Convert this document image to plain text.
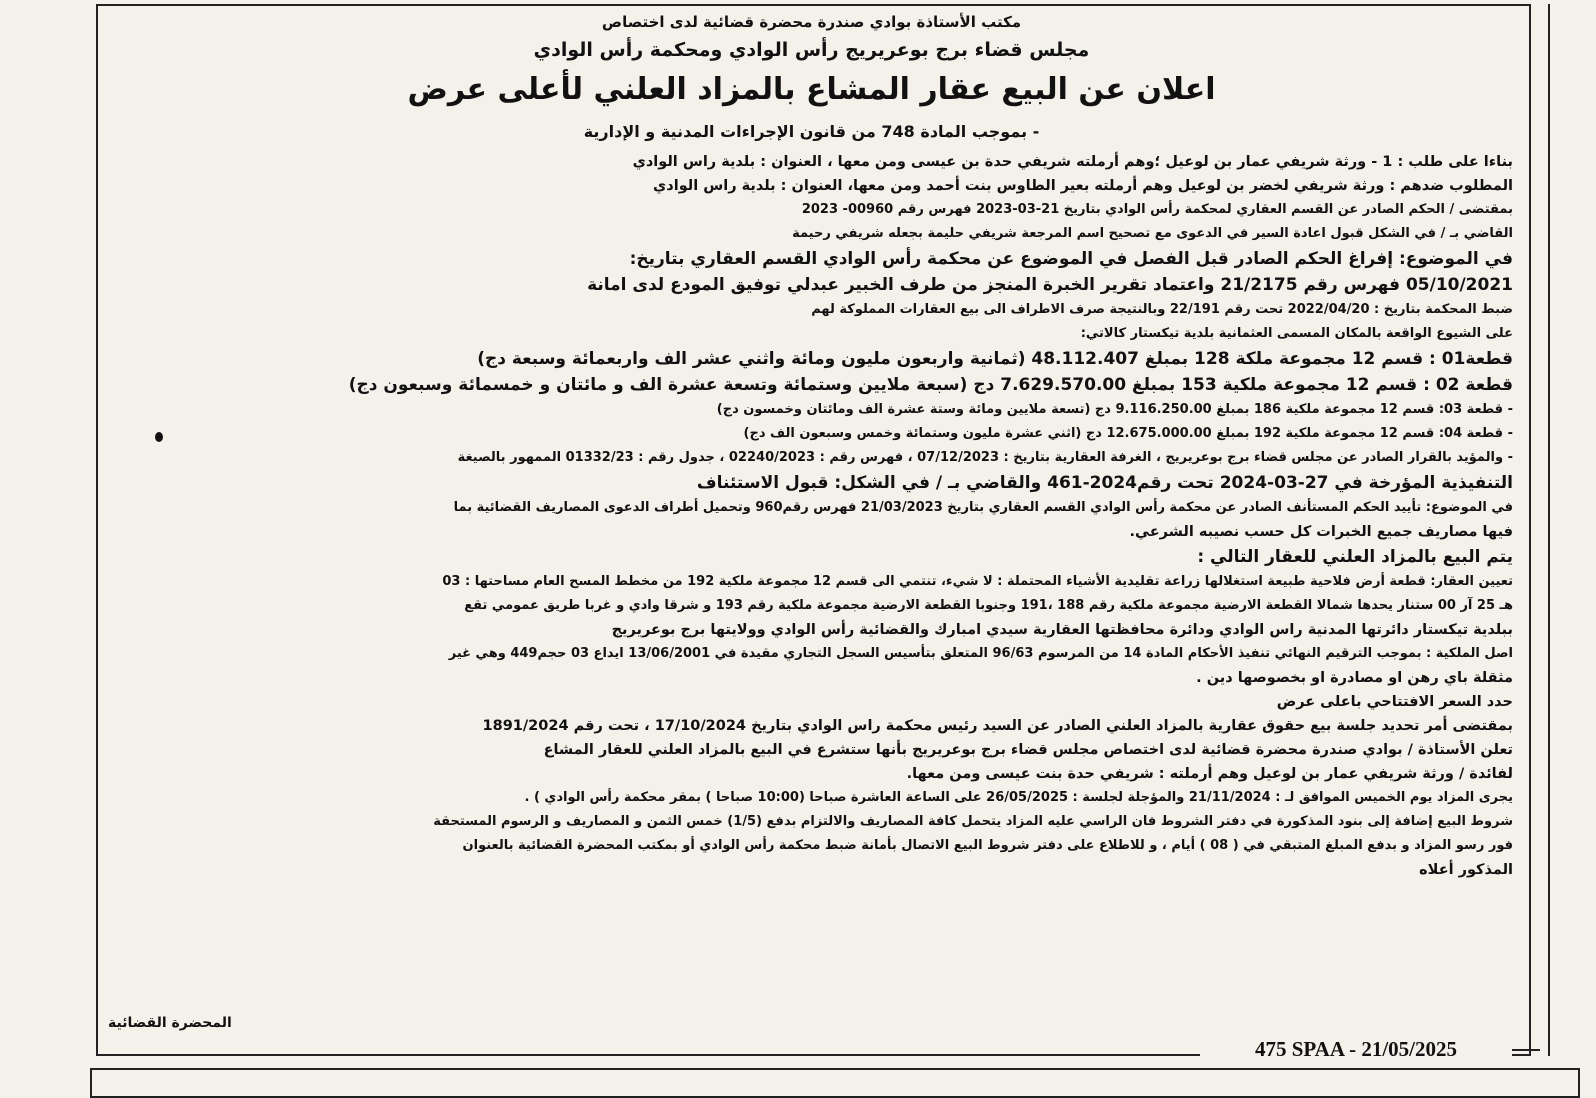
مكتب الأستاذة بوادي صندرة محضرة قضائية لدى اختصاص
مجلس قضاء برج بوعريريج رأس الوادي ومحكمة رأس الوادي
اعلان عن البيع عقار المشاع بالمزاد العلني لأعلى عرض
- بموجب المادة 748 من قانون الإجراءات المدنية و الإدارية
بناءا على طلب : 1 - ورثة شريفي عمار بن لوعيل ؛وهم أرملته شريفي حدة بن عيسى ومن معها ، العنوان : بلدية راس الوادي
المطلوب ضدهم : ورثة شريفي لخضر بن لوعيل وهم أرملته بعير الطاوس بنت أحمد ومن معها، العنوان : بلدية راس الوادي
بمقتضى / الحكم الصادر عن القسم العقاري لمحكمة رأس الوادي بتاريخ 21-03-2023 فهرس رقم 00960- 2023
القاضي بـ / في الشكل قبول اعادة السير في الدعوى مع تصحيح اسم المرجعة شريفي حليمة بجعله شريفي رحيمة
في الموضوع: إفراغ الحكم الصادر قبل الفصل في الموضوع عن محكمة رأس الوادي القسم العقاري بتاريخ:
05/10/2021 فهرس رقم 21/2175 واعتماد تقرير الخبرة المنجز من طرف الخبير عبدلي توفيق المودع لدى امانة
ضبط المحكمة بتاريخ : 2022/04/20 تحت رقم 22/191 وبالنتيجة صرف الاطراف الى بيع العقارات المملوكة لهم
على الشيوع الواقعة بالمكان المسمى العثمانية بلدية تيكستار كالاتي:
قطعة01 : قسم 12 مجموعة ملكة 128 بمبلغ 48.112.407 (ثمانية واربعون مليون ومائة واثني عشر الف واربعمائة وسبعة دج)
قطعة 02 : قسم 12 مجموعة ملكية 153 بمبلغ 7.629.570.00 دج (سبعة ملايين وستمائة وتسعة عشرة الف و مائتان و خمسمائة وسبعون دج)
- قطعة 03: قسم 12 مجموعة ملكية 186 بمبلغ 9.116.250.00 دج (تسعة ملايين ومائة وستة عشرة الف ومائتان وخمسون دج)
- قطعة 04: قسم 12 مجموعة ملكية 192 بمبلغ 12.675.000.00 دج (اثني عشرة مليون وستمائة وخمس وسبعون الف دج)
- والمؤيد بالقرار الصادر عن مجلس قضاء برج بوعريريج ، الغرفة العقارية بتاريخ : 07/12/2023 ، فهرس رقم : 02240/2023 ، جدول رقم : 01332/23 الممهور بالصيغة
التنفيذية المؤرخة في 27-03-2024 تحت رقم2024-461 والقاضي بـ / في الشكل: قبول الاستئناف
في الموضوع: تأييد الحكم المستأنف الصادر عن محكمة رأس الوادي القسم العقاري بتاريخ 21/03/2023 فهرس رقم960 وتحميل أطراف الدعوى المصاريف القضائية بما
فيها مصاريف جميع الخبرات كل حسب نصيبه الشرعي.
يتم البيع بالمزاد العلني للعقار التالي :
تعيين العقار: قطعة أرض فلاحية طبيعة استغلالها زراعة تقليدية الأشياء المحتملة : لا شيء، تنتمي الى قسم 12 مجموعة ملكية 192 من مخطط المسح العام مساحتها : 03
هـ 25 آر 00 ستنار يحدها شمالا القطعة الارضية مجموعة ملكية رقم 188 ،191 وجنوبا القطعة الارضية مجموعة ملكية رقم 193 و شرقا وادي و غربا طريق عمومي تقع
ببلدية تيكستار دائرتها المدنية راس الوادي ودائرة محافظتها العقارية سيدي امبارك والقضائية رأس الوادي وولايتها برج بوعريريج
اصل الملكية : بموجب الترقيم النهائي تنفيذ الأحكام المادة 14 من المرسوم 96/63 المتعلق بتأسيس السجل التجاري مقيدة في 13/06/2001 ايداع 03 حجم449 وهي غير
مثقلة باي رهن او مصادرة او بخصوصها دين .
حدد السعر الافتتاحي باعلى عرض
بمقتضى أمر تحديد جلسة بيع حقوق عقارية بالمزاد العلني الصادر عن السيد رئيس محكمة راس الوادي بتاريخ 17/10/2024 ، تحت رقم 1891/2024
تعلن الأستاذة / بوادي صندرة محضرة قضائية لدى اختصاص مجلس قضاء برج بوعريريج بأنها ستشرع في البيع بالمزاد العلني للعقار المشاع
لفائدة / ورثة شريفي عمار بن لوعيل وهم أرملته : شريفي حدة بنت عيسى ومن معها.
يجرى المزاد يوم الخميس الموافق لـ : 21/11/2024 والمؤجلة لجلسة : 26/05/2025 على الساعة العاشرة صباحا (10:00 صباحا ) بمقر محكمة رأس الوادي ) .
شروط البيع إضافة إلى بنود المذكورة في دفتر الشروط فان الراسي عليه المزاد يتحمل كافة المصاريف والالتزام بدفع (1/5) خمس الثمن و المصاريف و الرسوم المستحقة
فور رسو المزاد و بدفع المبلغ المتبقي في ( 08 ) أيام ، و للاطلاع على دفتر شروط البيع الاتصال بأمانة ضبط محكمة رأس الوادي أو بمكتب المحضرة القضائية بالعنوان
المذكور أعلاه
المحضرة القضائية
475 SPAA - 21/05/2025
